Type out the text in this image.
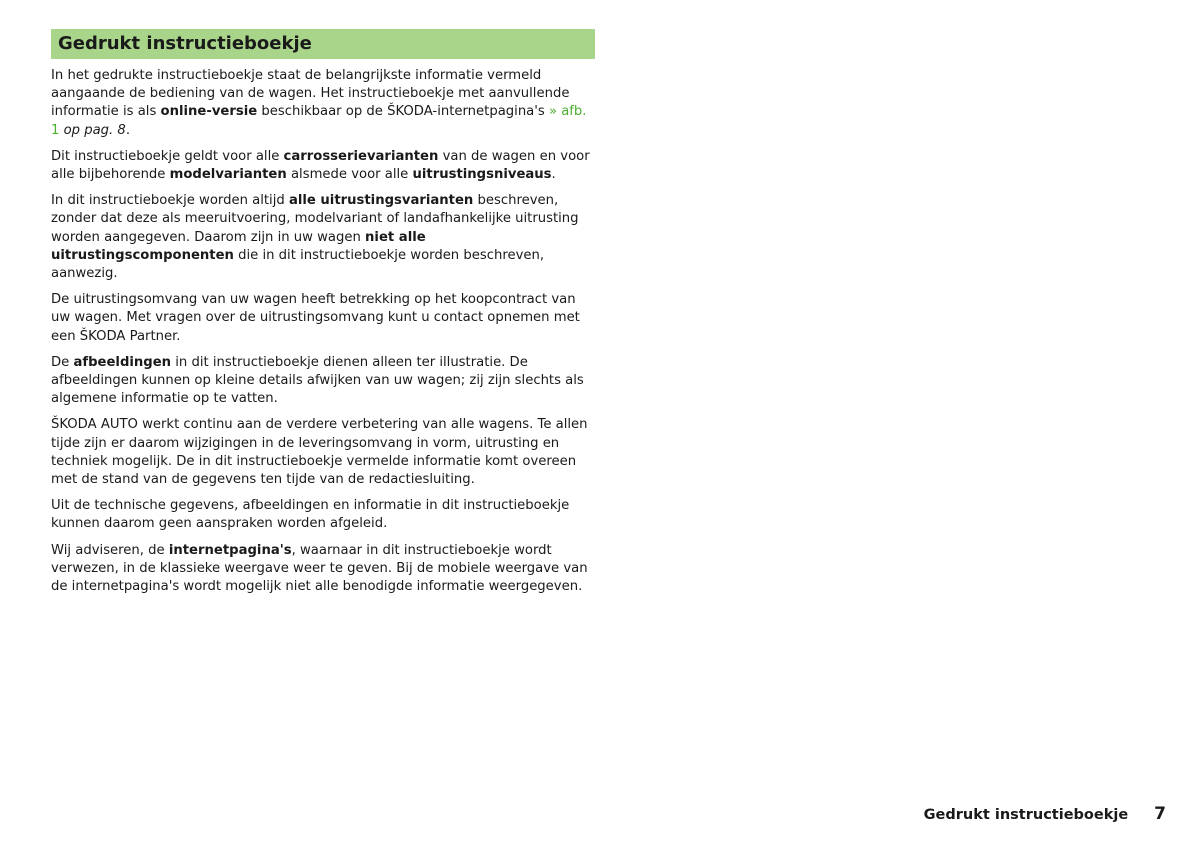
Gedrukt instructieboekje

In het gedrukte instructieboekje staat de belangrijkste informatie vermeld aangaande de bediening van de wagen. Het instructieboekje met aanvullende informatie is als online-versie beschikbaar op de ŠKODA-internetpagina's » afb. 1 op pag. 8.

Dit instructieboekje geldt voor alle carrosserievarianten van de wagen en voor alle bijbehorende modelvarianten alsmede voor alle uitrustingsniveaus.

In dit instructieboekje worden altijd alle uitrustingsvarianten beschreven, zonder dat deze als meeruitvoering, modelvariant of landafhankelijke uitrusting worden aangegeven. Daarom zijn in uw wagen niet alle uitrustingscomponenten die in dit instructieboekje worden beschreven, aanwezig.

De uitrustingsomvang van uw wagen heeft betrekking op het koopcontract van uw wagen. Met vragen over de uitrustingsomvang kunt u contact opnemen met een ŠKODA Partner.

De afbeeldingen in dit instructieboekje dienen alleen ter illustratie. De afbeeldingen kunnen op kleine details afwijken van uw wagen; zij zijn slechts als algemene informatie op te vatten.

ŠKODA AUTO werkt continu aan de verdere verbetering van alle wagens. Te allen tijde zijn er daarom wijzigingen in de leveringsomvang in vorm, uitrusting en techniek mogelijk. De in dit instructieboekje vermelde informatie komt overeen met de stand van de gegevens ten tijde van de redactiesluiting.

Uit de technische gegevens, afbeeldingen en informatie in dit instructieboekje kunnen daarom geen aanspraken worden afgeleid.

Wij adviseren, de internetpagina's, waarnaar in dit instructieboekje wordt verwezen, in de klassieke weergave weer te geven. Bij de mobiele weergave van de internetpagina's wordt mogelijk niet alle benodigde informatie weergegeven.

Gedrukt instructieboekje 7
